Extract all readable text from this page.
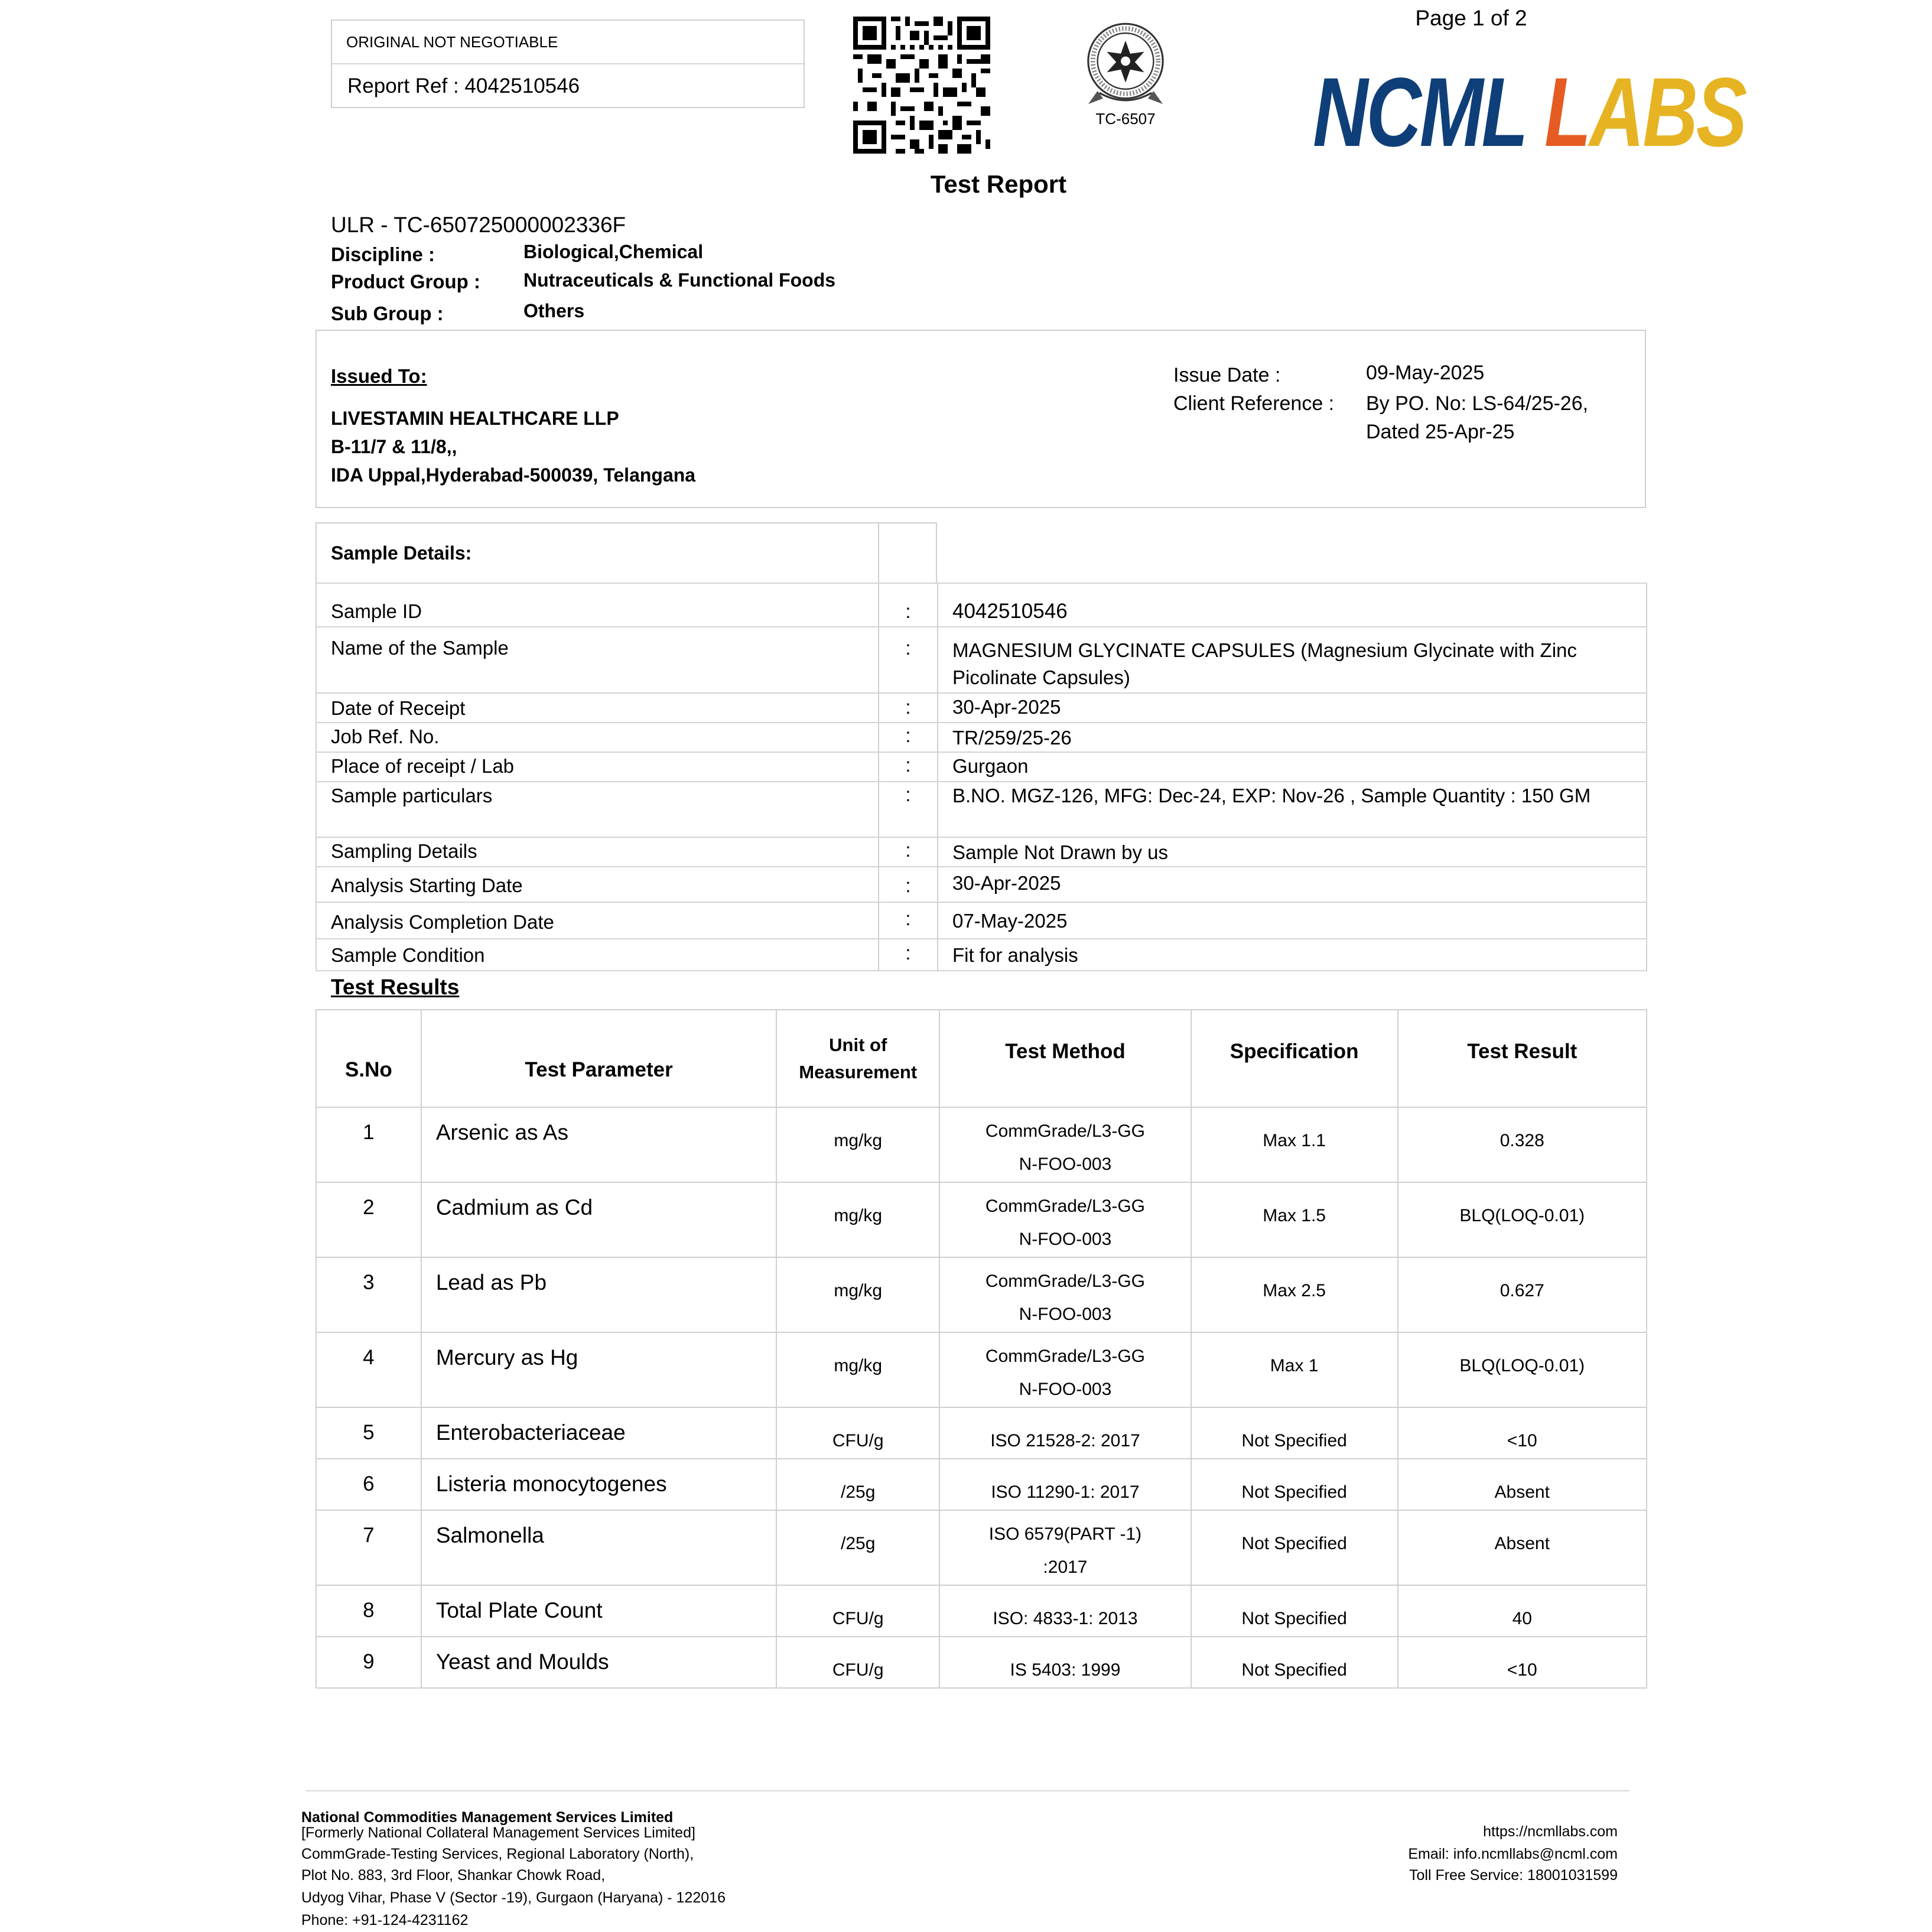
ORIGINAL NOT NEGOTIABLE
Report Ref : 4042510546
TC-6507
Page 1 of 2
NCML LABS
Test Report
ULR - TC-650725000002336F
Discipline :	Biological,Chemical
Product Group : Nutraceuticals & Functional Foods
Sub Group :	Others
Issued To:
LIVESTAMIN HEALTHCARE LLP
B-11/7 & 11/8,,
IDA Uppal,Hyderabad-500039, Telangana
Issue Date :	09-May-2025
Client Reference : By PO. No: LS-64/25-26,
Dated 25-Apr-25
Sample Details:
Sample ID	:	4042510546
Name of the Sample	:	MAGNESIUM GLYCINATE CAPSULES (Magnesium Glycinate with Zinc Picolinate Capsules)
Date of Receipt	:	30-Apr-2025
Job Ref. No.	:	TR/259/25-26
Place of receipt / Lab	:	Gurgaon
Sample particulars	:	B.NO. MGZ-126, MFG: Dec-24, EXP: Nov-26 , Sample Quantity : 150 GM
Sampling Details	:	Sample Not Drawn by us
Analysis Starting Date	:	30-Apr-2025
Analysis Completion Date	:	07-May-2025
Sample Condition	:	Fit for analysis
Test Results
S.No	Test Parameter	Unit of
Measurement	Test Method	Specification	Test Result
1	Arsenic as As	mg/kg	CommGrade/L3-GG
N-FOO-003	Max 1.1	0.328
2	Cadmium as Cd	mg/kg	CommGrade/L3-GG
N-FOO-003	Max 1.5	BLQ(LOQ-0.01)
3	Lead as Pb	mg/kg	CommGrade/L3-GG
N-FOO-003	Max 2.5	0.627
4	Mercury as Hg	mg/kg	CommGrade/L3-GG
N-FOO-003	Max 1	BLQ(LOQ-0.01)
5	Enterobacteriaceae	CFU/g	ISO 21528-2: 2017	Not Specified	<10
6	Listeria monocytogenes	/25g	ISO 11290-1: 2017	Not Specified	Absent
7	Salmonella	/25g	ISO 6579(PART -1)
:2017	Not Specified	Absent
8	Total Plate Count	CFU/g	ISO: 4833-1: 2013	Not Specified	40
9	Yeast and Moulds	CFU/g	IS 5403: 1999	Not Specified	<10
National Commodities Management Services Limited
[Formerly National Collateral Management Services Limited]
CommGrade-Testing Services, Regional Laboratory (North),
Plot No. 883, 3rd Floor, Shankar Chowk Road,
Udyog Vihar, Phase V (Sector -19), Gurgaon (Haryana) - 122016
Phone: +91-124-4231162
https://ncmllabs.com
Email: info.ncmllabs@ncml.com
Toll Free Service: 18001031599
